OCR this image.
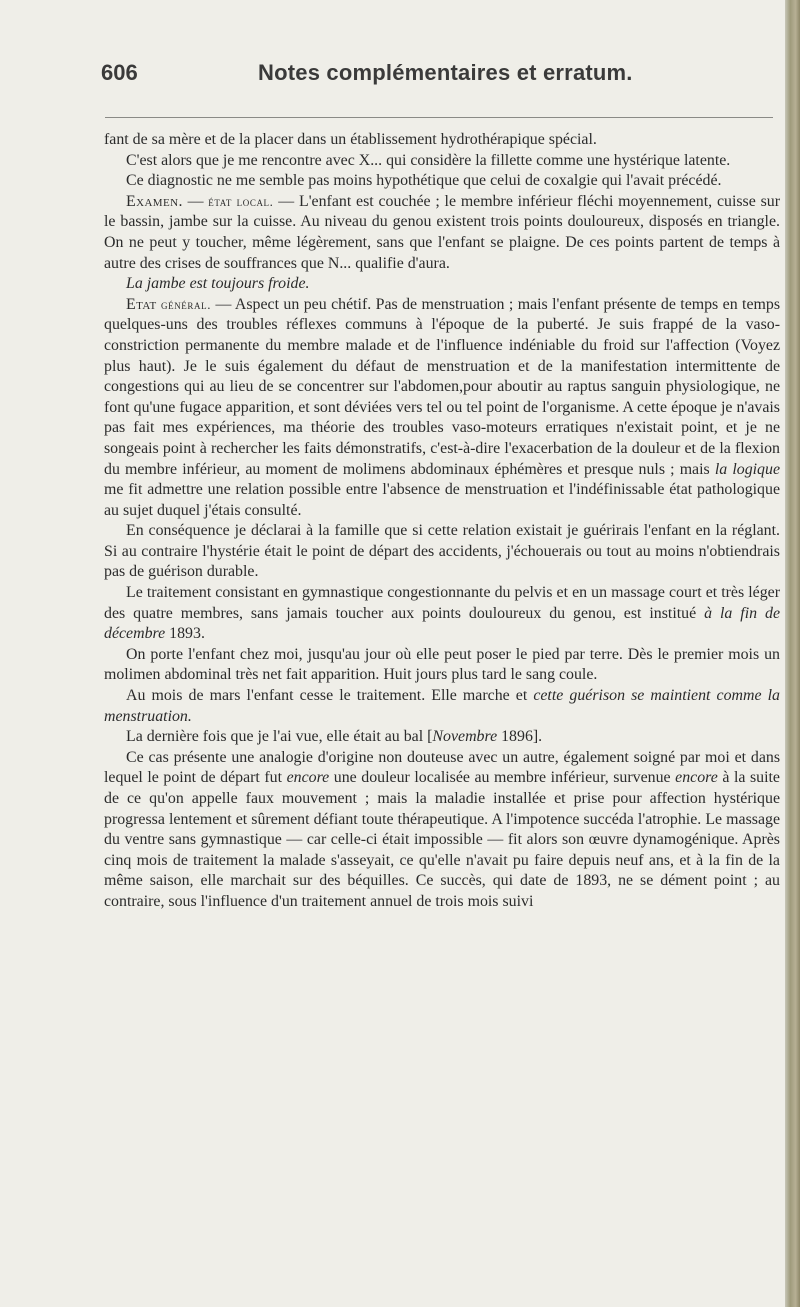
606	Notes complémentaires et erratum.

fant de sa mère et de la placer dans un établissement hydrothérapique spécial.

C'est alors que je me rencontre avec X... qui considère la fillette comme une hystérique latente.

Ce diagnostic ne me semble pas moins hypothétique que celui de coxalgie qui l'avait précédé.

Examen. — état local. — L'enfant est couchée ; le membre inférieur fléchi moyennement, cuisse sur le bassin, jambe sur la cuisse. Au niveau du genou existent trois points douloureux, disposés en triangle. On ne peut y toucher, même légèrement, sans que l'enfant se plaigne. De ces points partent de temps à autre des crises de souffrances que N... qualifie d'aura.

La jambe est toujours froide.

Etat général. — Aspect un peu chétif. Pas de menstruation ; mais l'enfant présente de temps en temps quelques-uns des troubles réflexes communs à l'époque de la puberté. Je suis frappé de la vaso-constriction permanente du membre malade et de l'influence indéniable du froid sur l'affection (Voyez plus haut). Je le suis également du défaut de menstruation et de la manifestation intermittente de congestions qui au lieu de se concentrer sur l'abdomen,pour aboutir au raptus sanguin physiologique, ne font qu'une fugace apparition, et sont déviées vers tel ou tel point de l'organisme. A cette époque je n'avais pas fait mes expériences, ma théorie des troubles vaso-moteurs erratiques n'existait point, et je ne songeais point à rechercher les faits démonstratifs, c'est-à-dire l'exacerbation de la douleur et de la flexion du membre inférieur, au moment de molimens abdominaux éphémères et presque nuls ; mais la logique me fit admettre une relation possible entre l'absence de menstruation et l'indéfinissable état pathologique au sujet duquel j'étais consulté.

En conséquence je déclarai à la famille que si cette relation existait je guérirais l'enfant en la réglant. Si au contraire l'hystérie était le point de départ des accidents, j'échouerais ou tout au moins n'obtiendrais pas de guérison durable.

Le traitement consistant en gymnastique congestionnante du pelvis et en un massage court et très léger des quatre membres, sans jamais toucher aux points douloureux du genou, est institué à la fin de décembre 1893.

On porte l'enfant chez moi, jusqu'au jour où elle peut poser le pied par terre. Dès le premier mois un molimen abdominal très net fait apparition. Huit jours plus tard le sang coule.

Au mois de mars l'enfant cesse le traitement. Elle marche et cette guérison se maintient comme la menstruation.

La dernière fois que je l'ai vue, elle était au bal [Novembre 1896].

Ce cas présente une analogie d'origine non douteuse avec un autre, également soigné par moi et dans lequel le point de départ fut encore une douleur localisée au membre inférieur, survenue encore à la suite de ce qu'on appelle faux mouvement ; mais la maladie installée et prise pour affection hystérique progressa lentement et sûrement défiant toute thérapeutique. A l'impotence succéda l'atrophie. Le massage du ventre sans gymnastique — car celle-ci était impossible — fit alors son œuvre dynamogénique. Après cinq mois de traitement la malade s'asseyait, ce qu'elle n'avait pu faire depuis neuf ans, et à la fin de la même saison, elle marchait sur des béquilles. Ce succès, qui date de 1893, ne se dément point ; au contraire, sous l'influence d'un traitement annuel de trois mois suivi
